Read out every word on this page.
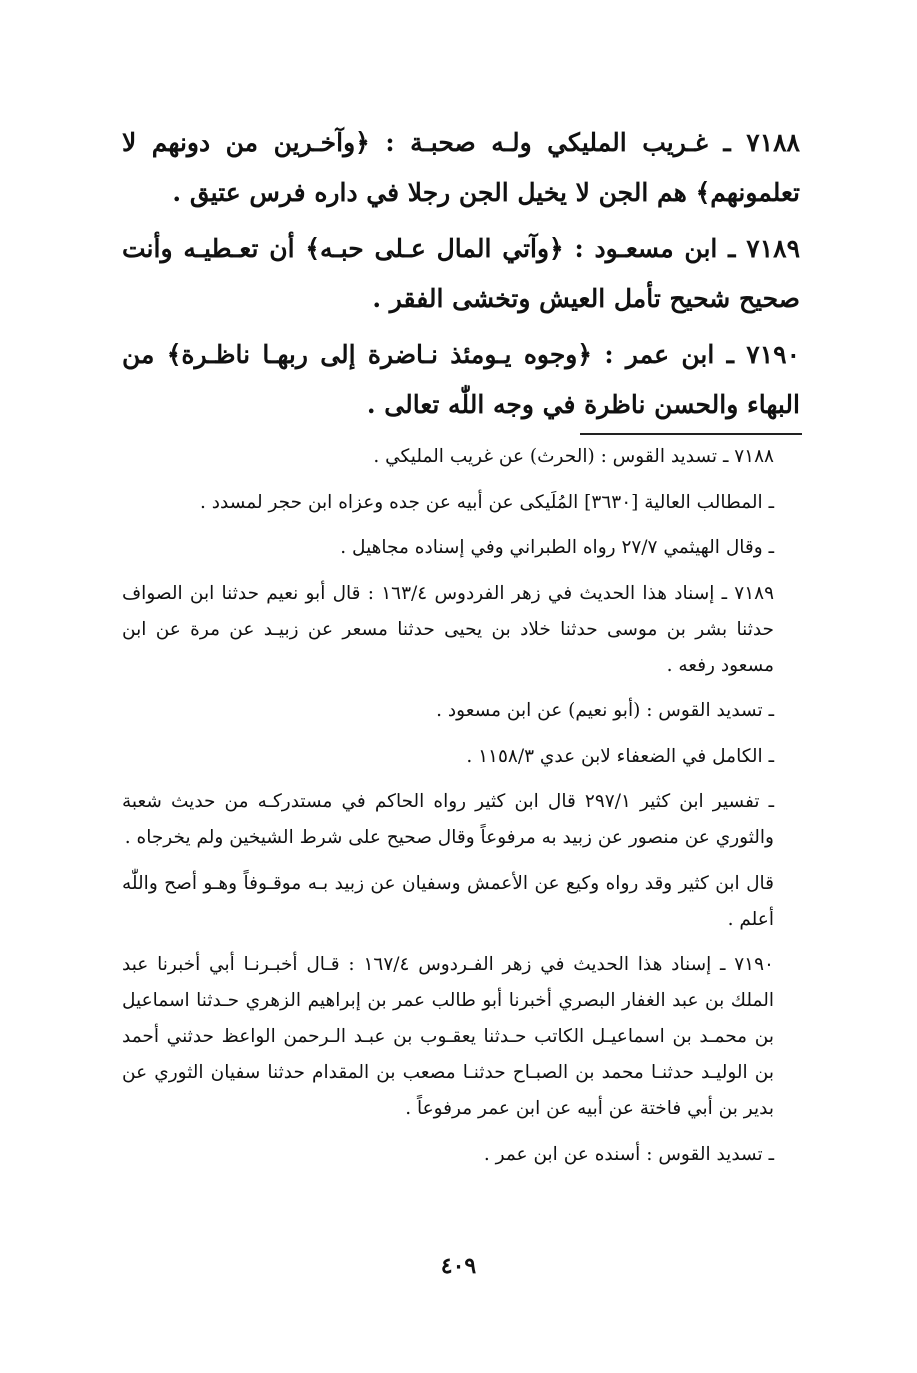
٧١٨٨ ـ غـريب المليكي ولـه صحبـة : ﴿وآخـرين من دونهم لا تعلمونهم﴾ هم الجن لا يخيل الجن رجلا في داره فرس عتيق .

٧١٨٩ ـ ابن مسعـود : ﴿وآتي المال عـلى حبـه﴾ أن تعـطيـه وأنت صحيح شحيح تأمل العيش وتخشى الفقر .

٧١٩٠ ـ ابن عمر : ﴿وجوه يـومئذ نـاضرة إلى ربهـا ناظـرة﴾ من البهاء والحسن ناظرة في وجه اللّٰه تعالى .

٧١٨٨ ـ تسديد القوس : (الحرث) عن غريب المليكي .

ـ المطالب العالية [٣٦٣٠] المُلَيكى عن أبيه عن جده وعزاه ابن حجر لمسدد .

ـ وقال الهيثمي ٢٧/٧ رواه الطبراني وفي إسناده مجاهيل .

٧١٨٩ ـ إسناد هذا الحديث في زهر الفردوس ١٦٣/٤ : قال أبو نعيم حدثنا ابن الصواف حدثنا بشر بن موسى حدثنا خلاد بن يحيى حدثنا مسعر عن زبيـد عن مرة عن ابن مسعود رفعه .

ـ تسديد القوس : (أبو نعيم) عن ابن مسعود .

ـ الكامل في الضعفاء لابن عدي ١١٥٨/٣ .

ـ تفسير ابن كثير ٢٩٧/١ قال ابن كثير رواه الحاكم في مستدركـه من حديث شعبة والثوري عن منصور عن زبيد به مرفوعاً وقال صحيح على شرط الشيخين ولم يخرجاه .

قال ابن كثير وقد رواه وكيع عن الأعمش وسفيان عن زبيد بـه موقـوفاً وهـو أصح واللّٰه أعلم .

٧١٩٠ ـ إسناد هذا الحديث في زهر الفـردوس ١٦٧/٤ : قـال أخبـرنـا أبي أخبرنا عبد الملك بن عبد الغفار البصري أخبرنا أبو طالب عمر بن إبراهيم الزهري حـدثنا اسماعيل بن محمـد بن اسماعيـل الكاتب حـدثنا يعقـوب بن عبـد الـرحمن الواعظ حدثني أحمد بن الوليـد حدثنـا محمد بن الصبـاح حدثنـا مصعب بن المقدام حدثنا سفيان الثوري عن بدير بن أبي فاختة عن أبيه عن ابن عمر مرفوعاً .

ـ تسديد القوس : أسنده عن ابن عمر .

٤٠٩
